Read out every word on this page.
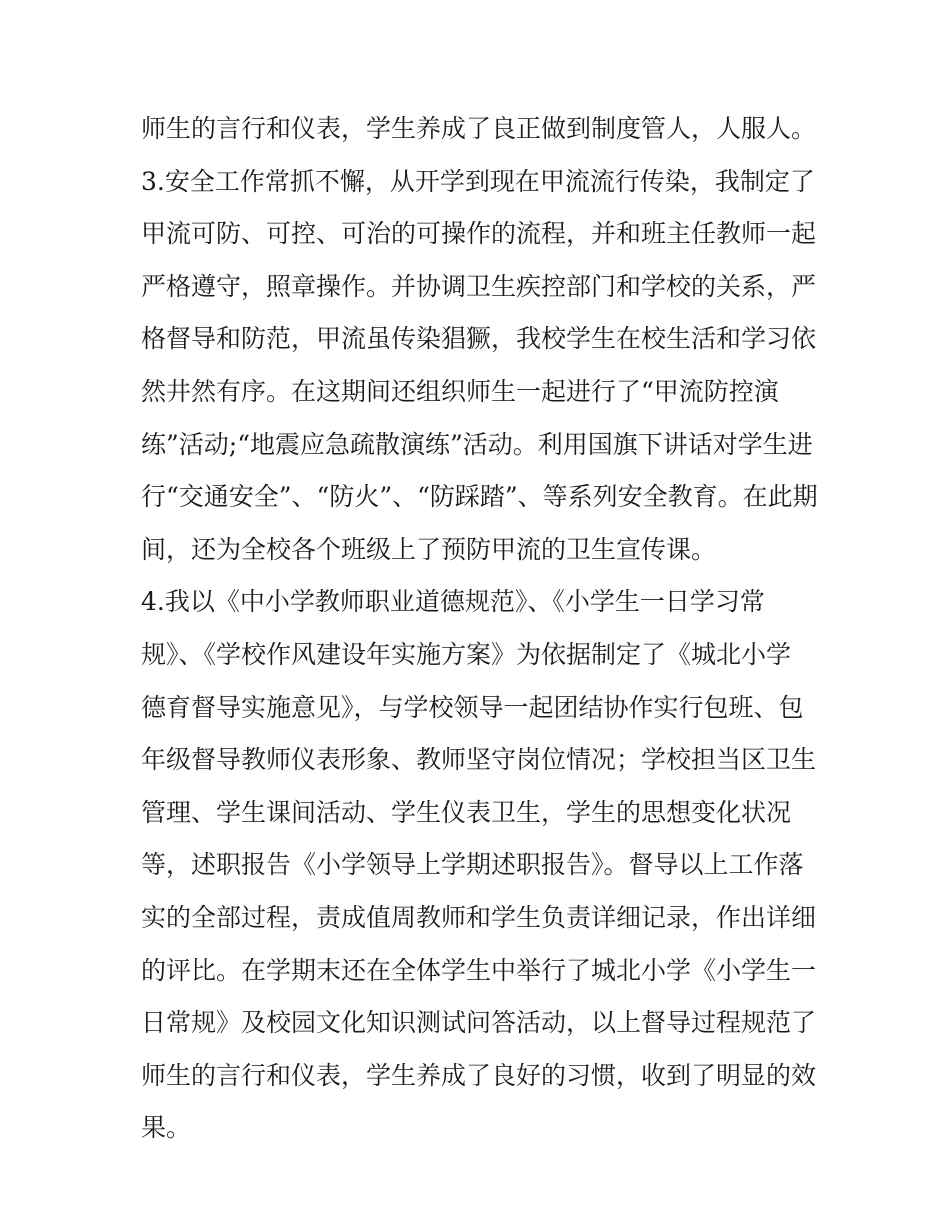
师生的言行和仪表，学生养成了良正做到制度管人，人服人。
3.安全工作常抓不懈，从开学到现在甲流流行传染，我制定了
甲流可防、可控、可治的可操作的流程，并和班主任教师一起
严格遵守，照章操作。并协调卫生疾控部门和学校的关系，严
格督导和防范，甲流虽传染猖獗，我校学生在校生活和学习依
然井然有序。在这期间还组织师生一起进行了“甲流防控演
练”活动;“地震应急疏散演练”活动。利用国旗下讲话对学生进
行“交通安全”、“防火”、“防踩踏”、等系列安全教育。在此期
间，还为全校各个班级上了预防甲流的卫生宣传课。
4.我以《中小学教师职业道德规范》、《小学生一日学习常
规》、《学校作风建设年实施方案》为依据制定了《城北小学
德育督导实施意见》，与学校领导一起团结协作实行包班、包
年级督导教师仪表形象、教师坚守岗位情况；学校担当区卫生
管理、学生课间活动、学生仪表卫生，学生的思想变化状况
等，述职报告《小学领导上学期述职报告》。督导以上工作落
实的全部过程，责成值周教师和学生负责详细记录，作出详细
的评比。在学期末还在全体学生中举行了城北小学《小学生一
日常规》及校园文化知识测试问答活动，以上督导过程规范了
师生的言行和仪表，学生养成了良好的习惯，收到了明显的效
果。
